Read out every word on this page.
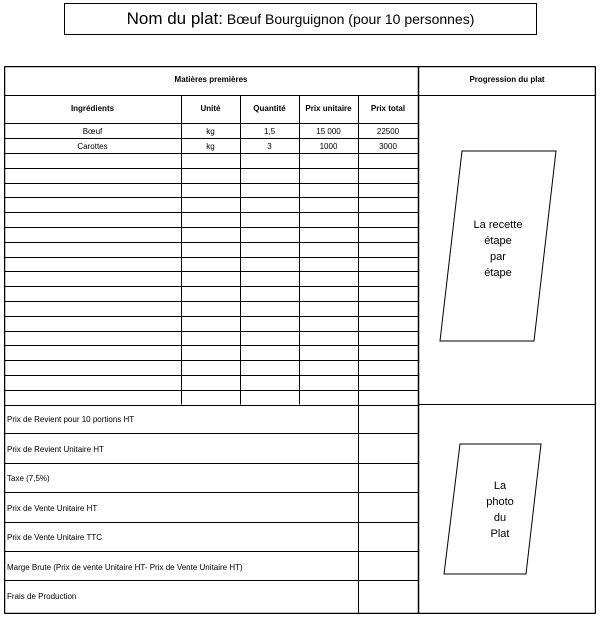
Nom du plat: Bœuf Bourguignon (pour 10 personnes)
Matières premières	Progression du plat
Ingrédients	Unité	Quantité	Prix unitaire	Prix total
Bœuf	kg	1,5	15 000	22500
Carottes	kg	3	1000	3000
Prix de Revient pour 10 portions HT
Prix de Revient Unitaire HT
Taxe (7,5%)
Prix de Vente Unitaire HT
Prix de Vente Unitaire TTC
Marge Brute (Prix de vente Unitaire HT- Prix de Vente Unitaire HT)
Frais de Production
La recette
étape
par
étape
La
photo
du
Plat
